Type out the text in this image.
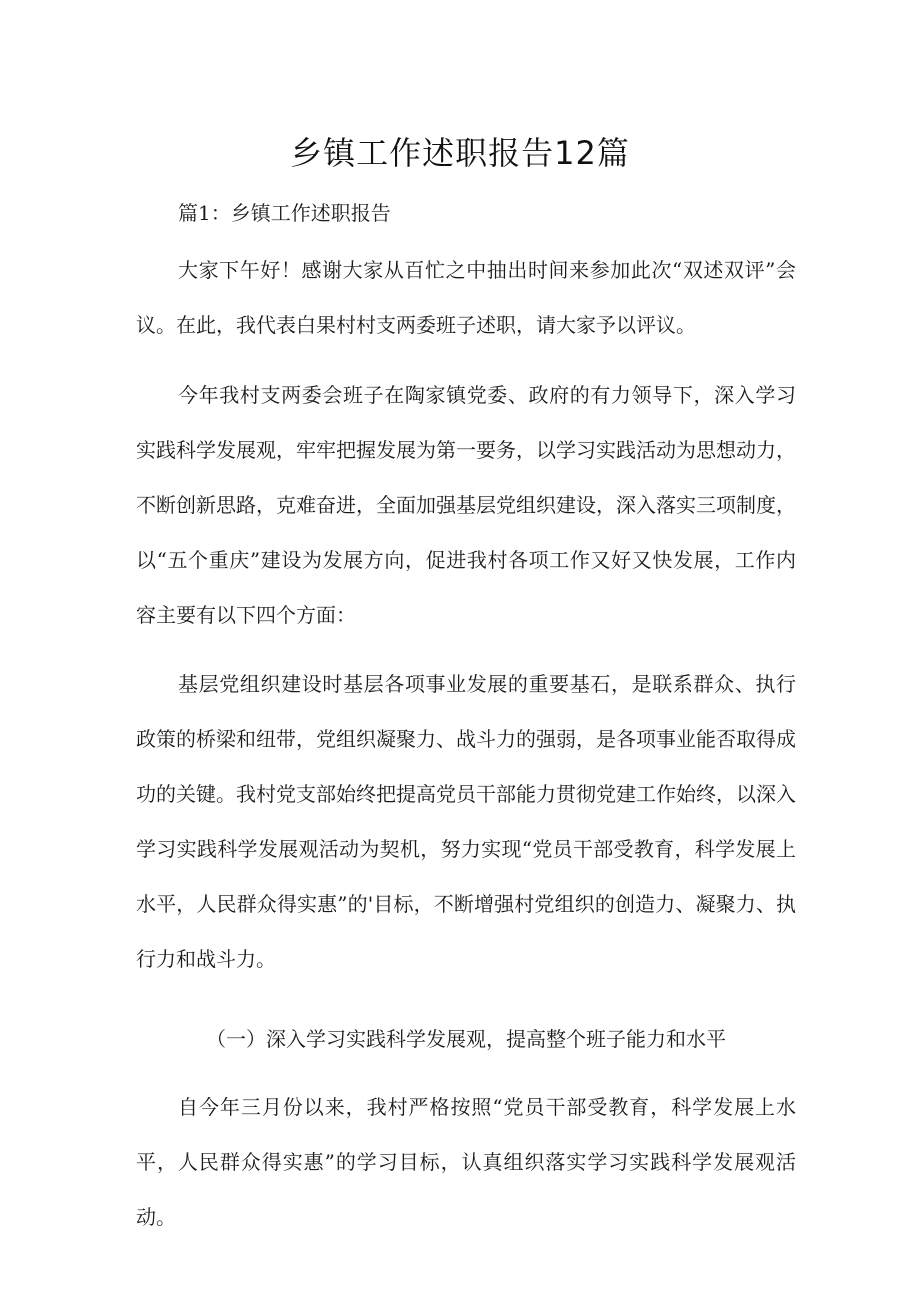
乡镇工作述职报告12篇

篇1：乡镇工作述职报告

大家下午好！感谢大家从百忙之中抽出时间来参加此次“双述双评”会议。在此，我代表白果村村支两委班子述职，请大家予以评议。

今年我村支两委会班子在陶家镇党委、政府的有力领导下，深入学习实践科学发展观，牢牢把握发展为第一要务，以学习实践活动为思想动力，不断创新思路，克难奋进，全面加强基层党组织建设，深入落实三项制度，以“五个重庆”建设为发展方向，促进我村各项工作又好又快发展，工作内容主要有以下四个方面：

基层党组织建设时基层各项事业发展的重要基石，是联系群众、执行政策的桥梁和纽带，党组织凝聚力、战斗力的强弱，是各项事业能否取得成功的关键。我村党支部始终把提高党员干部能力贯彻党建工作始终，以深入学习实践科学发展观活动为契机，努力实现“党员干部受教育，科学发展上水平，人民群众得实惠”的'目标，不断增强村党组织的创造力、凝聚力、执行力和战斗力。

（一）深入学习实践科学发展观，提高整个班子能力和水平

自今年三月份以来，我村严格按照“党员干部受教育，科学发展上水平，人民群众得实惠”的学习目标，认真组织落实学习实践科学发展观活动。
